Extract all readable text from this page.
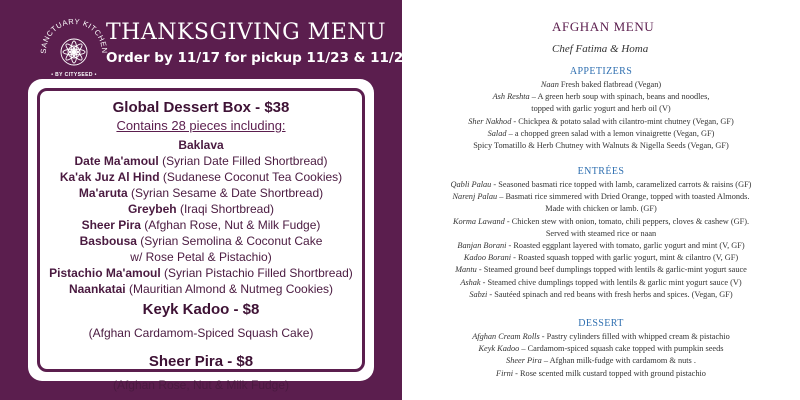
SANCTUARY KITCHEN
• BY CITYSEED •
THANKSGIVING MENU
Order by 11/17 for pickup 11/23 & 11/24
Global Dessert Box - $38
Contains 28 pieces including:
Baklava
Date Ma'amoul (Syrian Date Filled Shortbread)
Ka'ak Juz Al Hind (Sudanese Coconut Tea Cookies)
Ma'aruta (Syrian Sesame & Date Shortbread)
Greybeh (Iraqi Shortbread)
Sheer Pira (Afghan Rose, Nut & Milk Fudge)
Basbousa (Syrian Semolina & Coconut Cake
w/ Rose Petal & Pistachio)
Pistachio Ma'amoul (Syrian Pistachio Filled Shortbread)
Naankatai (Mauritian Almond & Nutmeg Cookies)
Keyk Kadoo - $8
(Afghan Cardamom-Spiced Squash Cake)
Sheer Pira - $8
(Afghan Rose, Nut & Milk Fudge)
AFGHAN MENU
Chef Fatima & Homa
APPETIZERS
Naan Fresh baked flatbread (Vegan)
Ash Reshta – A green herb soup with spinach, beans and noodles,
topped with garlic yogurt and herb oil (V)
Sher Nakhod - Chickpea & potato salad with cilantro-mint chutney (Vegan, GF)
Salad – a chopped green salad with a lemon vinaigrette (Vegan, GF)
Spicy Tomatillo & Herb Chutney with Walnuts & Nigella Seeds (Vegan, GF)
ENTRÉES
Qabli Palau - Seasoned basmati rice topped with lamb, caramelized carrots & raisins (GF)
Narenj Palau – Basmati rice simmered with Dried Orange, topped with toasted Almonds.
Made with chicken or lamb. (GF)
Korma Lawand - Chicken stew with onion, tomato, chili peppers, cloves & cashew (GF).
Served with steamed rice or naan
Banjan Borani - Roasted eggplant layered with tomato, garlic yogurt and mint (V, GF)
Kadoo Borani - Roasted squash topped with garlic yogurt, mint & cilantro (V, GF)
Mantu - Steamed ground beef dumplings topped with lentils & garlic-mint yogurt sauce
Ashak - Steamed chive dumplings topped with lentils & garlic mint yogurt sauce (V)
Sabzi - Sautéed spinach and red beans with fresh herbs and spices. (Vegan, GF)
DESSERT
Afghan Cream Rolls - Pastry cylinders filled with whipped cream & pistachio
Keyk Kadoo – Cardamom-spiced squash cake topped with pumpkin seeds
Sheer Pira – Afghan milk-fudge with cardamom & nuts .
Firni - Rose scented milk custard topped with ground pistachio
